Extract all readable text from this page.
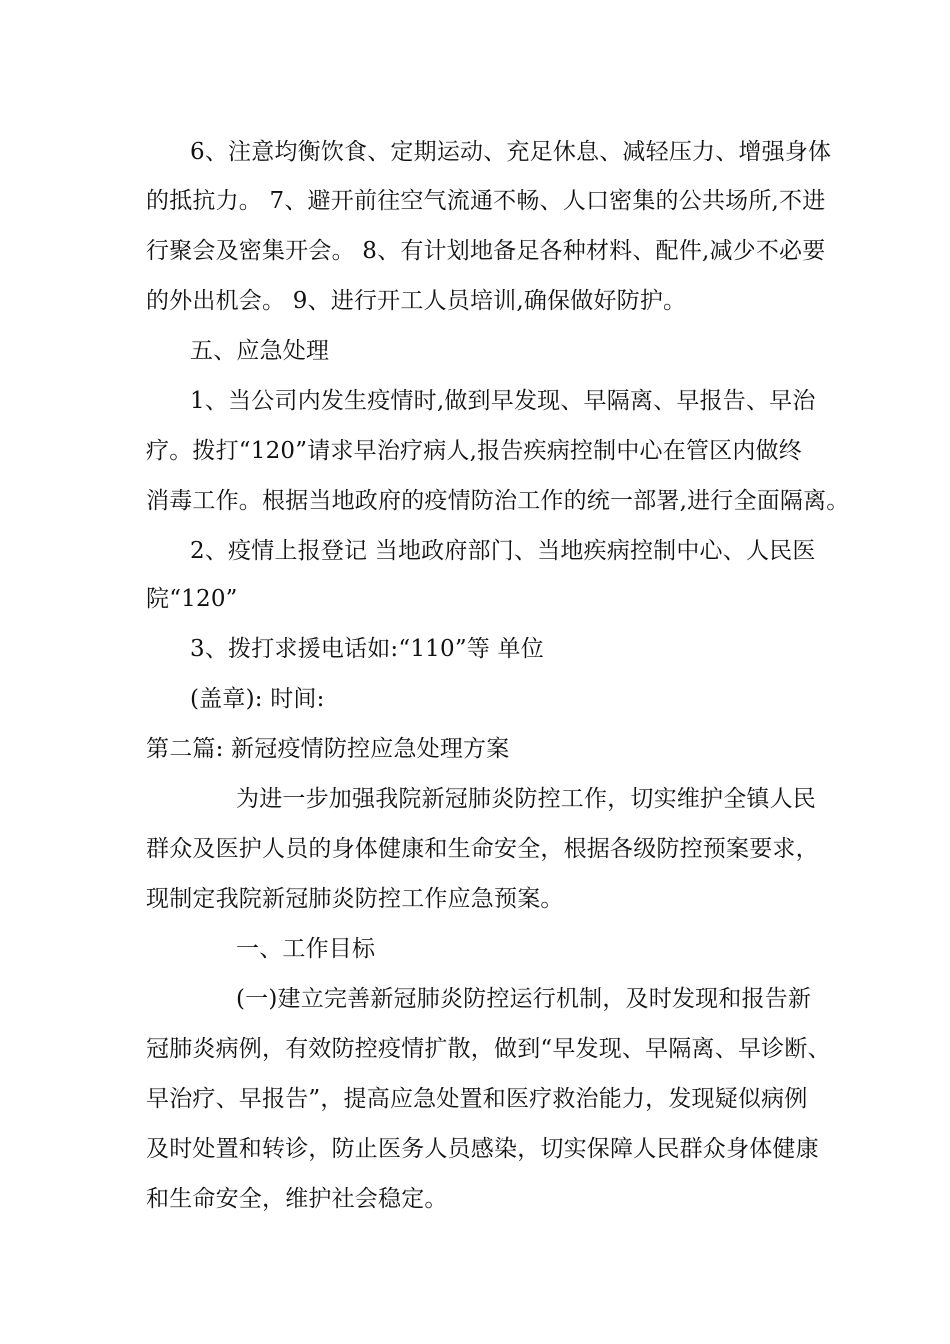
6、注意均衡饮食、定期运动、充足休息、减轻压力、增强身体
的抵抗力。 7、避开前往空气流通不畅、人口密集的公共场所,不进
行聚会及密集开会。 8、有计划地备足各种材料、配件,减少不必要
的外出机会。 9、进行开工人员培训,确保做好防护。
五、应急处理
1、当公司内发生疫情时,做到早发现、早隔离、早报告、早治
疗。拨打“120”请求早治疗病人,报告疾病控制中心在管区内做终
消毒工作。根据当地政府的疫情防治工作的统一部署,进行全面隔离。
2、疫情上报登记 当地政府部门、当地疾病控制中心、人民医
院“120”
3、拨打求援电话如:“110”等 单位
(盖章): 时间:
第二篇: 新冠疫情防控应急处理方案
为进一步加强我院新冠肺炎防控工作，切实维护全镇人民
群众及医护人员的身体健康和生命安全，根据各级防控预案要求，
现制定我院新冠肺炎防控工作应急预案。
一、工作目标
(一)建立完善新冠肺炎防控运行机制，及时发现和报告新
冠肺炎病例，有效防控疫情扩散，做到“早发现、早隔离、早诊断、
早治疗、早报告”，提高应急处置和医疗救治能力，发现疑似病例
及时处置和转诊，防止医务人员感染，切实保障人民群众身体健康
和生命安全，维护社会稳定。
